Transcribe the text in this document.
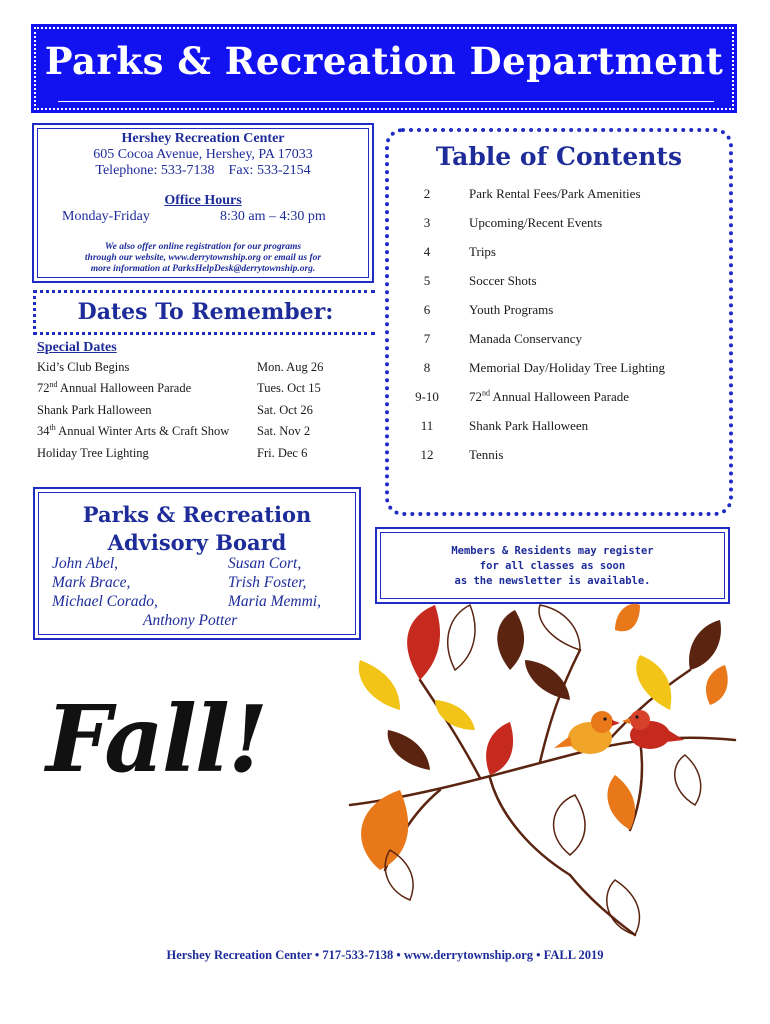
Parks & Recreation Department
Hershey Recreation Center
605 Cocoa Avenue, Hershey, PA 17033
Telephone: 533-7138    Fax: 533-2154
Office Hours
Monday-Friday	8:30 am – 4:30 pm
We also offer online registration for our programs
through our website, www.derrytownship.org or email us for
more information at ParksHelpDesk@derrytownship.org.
Dates To Remember:
Special Dates
Kid’s Club Begins	Mon. Aug 26
72nd Annual Halloween Parade	Tues. Oct 15
Shank Park Halloween	Sat. Oct 26
34th Annual Winter Arts & Craft Show Sat. Nov 2
Holiday Tree Lighting	Fri. Dec 6
Table of Contents
2	Park Rental Fees/Park Amenities
3	Upcoming/Recent Events
4	Trips
5	Soccer Shots
6	Youth Programs
7	Manada Conservancy
8	Memorial Day/Holiday Tree Lighting
9-10	72nd Annual Halloween Parade
11	Shank Park Halloween
12	Tennis
Parks & Recreation
Advisory Board
John Abel,	Susan Cort,
Mark Brace,	Trish Foster,
Michael Corado,	Maria Memmi,
Anthony Potter
Members & Residents may register
for all classes as soon
as the newsletter is available.
Fall!
Hershey Recreation Center • 717-533-7138 • www.derrytownship.org • FALL 2019
